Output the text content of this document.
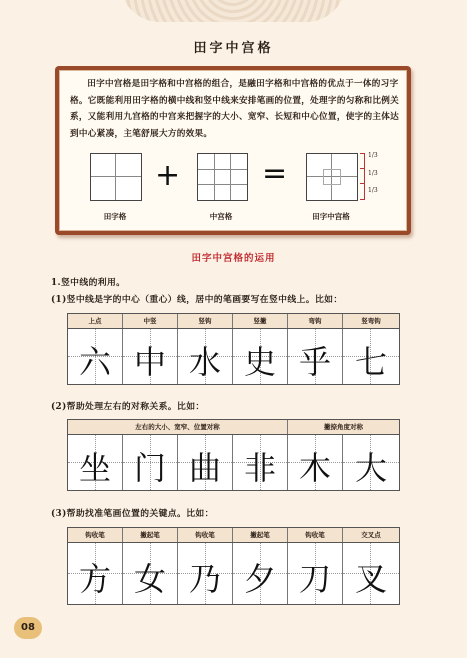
田字中宫格

田字中宫格是田字格和中宫格的组合，是融田字格和中宫格的优点于一体的习字格。它既能利用田字格的横中线和竖中线来安排笔画的位置，处理字的匀称和比例关系，又能利用九宫格的中宫来把握字的大小、宽窄、长短和中心位置，使字的主体达到中心紧凑，主笔舒展大方的效果。

+	=
1/3
1/3
1/3
田字格	中宫格	田字中宫格
田字中宫格的运用
1.竖中线的利用。
(1)竖中线是字的中心（重心）线，居中的笔画要写在竖中线上。比如：
上点	中竖	竖钩	竖撇	弯钩	竖弯钩
六 中 水 史 乎 七
(2)帮助处理左右的对称关系。比如：
左右的大小、宽窄、位置对称	撇捺角度对称
坐 门 曲 非 木 大
(3)帮助找准笔画位置的关键点。比如：
钩收笔	撇起笔	钩收笔	撇起笔	钩收笔	交叉点
方 女 乃 夕 刀 叉
08
